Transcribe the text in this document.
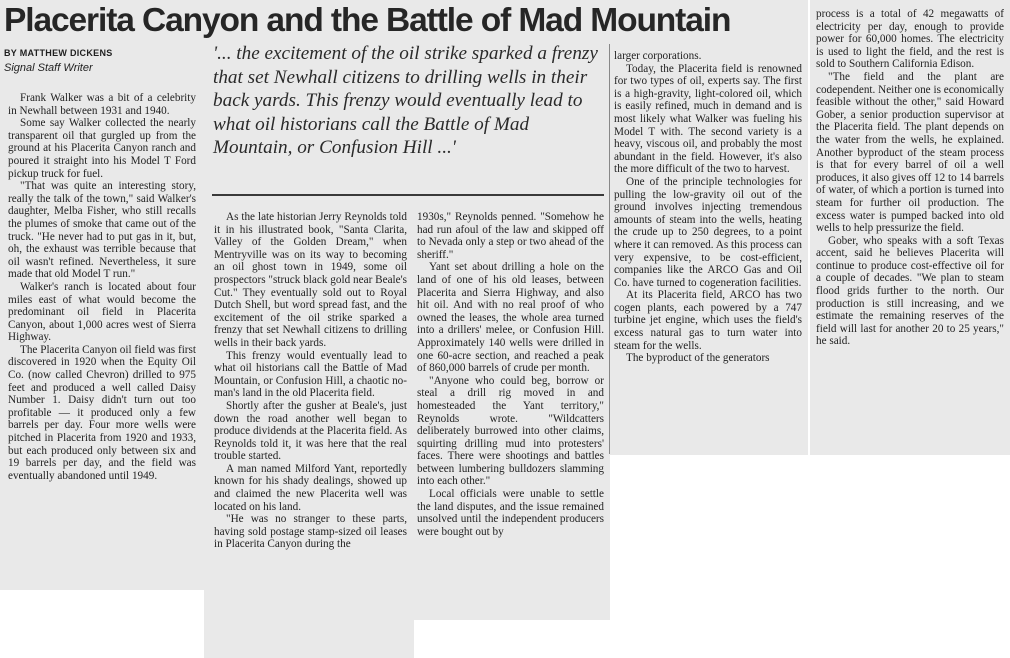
Placerita Canyon and the Battle of Mad Mountain
BY MATTHEW DICKENS
Signal Staff Writer
'... the excitement of the oil strike sparked a frenzy that set Newhall citizens to drilling wells in their back yards. This frenzy would eventually lead to what oil historians call the Battle of Mad Mountain, or Confusion Hill ...'

Frank Walker was a bit of a celebrity in Newhall between 1931 and 1940.

Some say Walker collected the nearly transparent oil that gurgled up from the ground at his Placerita Canyon ranch and poured it straight into his Model T Ford pickup truck for fuel.

"That was quite an interesting story, really the talk of the town," said Walker's daughter, Melba Fisher, who still recalls the plumes of smoke that came out of the truck. "He never had to put gas in it, but, oh, the exhaust was terrible because that oil wasn't refined. Nevertheless, it sure made that old Model T run."

Walker's ranch is located about four miles east of what would become the predominant oil field in Placerita Canyon, about 1,000 acres west of Sierra Highway.

The Placerita Canyon oil field was first discovered in 1920 when the Equity Oil Co. (now called Chevron) drilled to 975 feet and produced a well called Daisy Number 1. Daisy didn't turn out too profitable — it produced only a few barrels per day. Four more wells were pitched in Placerita from 1920 and 1933, but each produced only between six and 19 barrels per day, and the field was eventually abandoned until 1949.

As the late historian Jerry Reynolds told it in his illustrated book, "Santa Clarita, Valley of the Golden Dream," when Mentryville was on its way to becoming an oil ghost town in 1949, some oil prospectors "struck black gold near Beale's Cut." They eventually sold out to Royal Dutch Shell, but word spread fast, and the excitement of the oil strike sparked a frenzy that set Newhall citizens to drilling wells in their back yards.

This frenzy would eventually lead to what oil historians call the Battle of Mad Mountain, or Confusion Hill, a chaotic no-man's land in the old Placerita field.

Shortly after the gusher at Beale's, just down the road another well began to produce dividends at the Placerita field. As Reynolds told it, it was here that the real trouble started.

A man named Milford Yant, reportedly known for his shady dealings, showed up and claimed the new Placerita well was located on his land.

"He was no stranger to these parts, having sold postage stamp-sized oil leases in Placerita Canyon during the

1930s," Reynolds penned. "Somehow he had run afoul of the law and skipped off to Nevada only a step or two ahead of the sheriff."

Yant set about drilling a hole on the land of one of his old leases, between Placerita and Sierra Highway, and also hit oil. And with no real proof of who owned the leases, the whole area turned into a drillers' melee, or Confusion Hill. Approximately 140 wells were drilled in one 60-acre section, and reached a peak of 860,000 barrels of crude per month.

"Anyone who could beg, borrow or steal a drill rig moved in and homesteaded the Yant territory," Reynolds wrote. "Wildcatters deliberately burrowed into other claims, squirting drilling mud into protesters' faces. There were shootings and battles between lumbering bulldozers slamming into each other."

Local officials were unable to settle the land disputes, and the issue remained unsolved until the independent producers were bought out by

larger corporations.

Today, the Placerita field is renowned for two types of oil, experts say. The first is a high-gravity, light-colored oil, which is easily refined, much in demand and is most likely what Walker was fueling his Model T with. The second variety is a heavy, viscous oil, and probably the most abundant in the field. However, it's also the more difficult of the two to harvest.

One of the principle technologies for pulling the low-gravity oil out of the ground involves injecting tremendous amounts of steam into the wells, heating the crude up to 250 degrees, to a point where it can removed. As this process can very expensive, to be cost-efficient, companies like the ARCO Gas and Oil Co. have turned to cogeneration facilities.

At its Placerita field, ARCO has two cogen plants, each powered by a 747 turbine jet engine, which uses the field's excess natural gas to turn water into steam for the wells.

The byproduct of the generators

process is a total of 42 megawatts of electricity per day, enough to provide power for 60,000 homes. The electricity is used to light the field, and the rest is sold to Southern California Edison.

"The field and the plant are codependent. Neither one is economically feasible without the other," said Howard Gober, a senior production supervisor at the Placerita field. The plant depends on the water from the wells, he explained. Another byproduct of the steam process is that for every barrel of oil a well produces, it also gives off 12 to 14 barrels of water, of which a portion is turned into steam for further oil production. The excess water is pumped backed into old wells to help pressurize the field.

Gober, who speaks with a soft Texas accent, said he believes Placerita will continue to produce cost-effective oil for a couple of decades. "We plan to steam flood grids further to the north. Our production is still increasing, and we estimate the remaining reserves of the field will last for another 20 to 25 years," he said.
